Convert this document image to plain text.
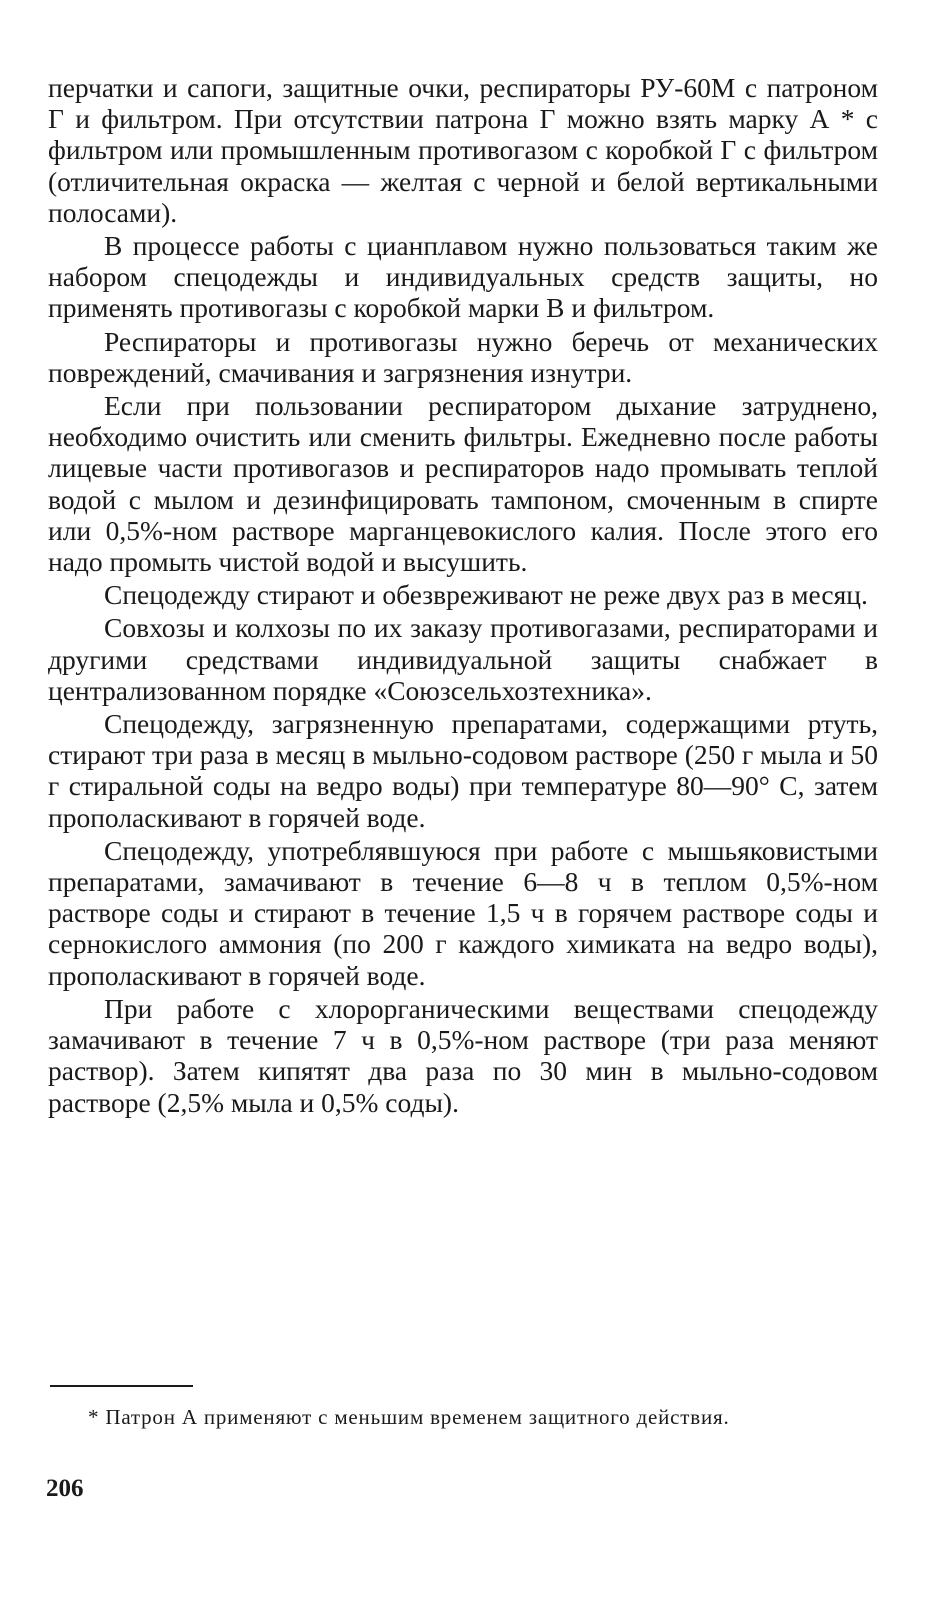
перчатки и сапоги, защитные очки, респираторы РУ-60М с патроном Г и фильтром. При отсутствии патрона Г можно взять марку А * с фильтром или промышленным противогазом с коробкой Г с фильтром (отличительная окраска — желтая с черной и белой вертикальными полосами).

В процессе работы с цианплавом нужно пользоваться таким же набором спецодежды и индивидуальных средств защиты, но применять противогазы с коробкой марки В и фильтром.

Респираторы и противогазы нужно беречь от механических повреждений, смачивания и загрязнения изнутри.

Если при пользовании респиратором дыхание затруднено, необходимо очистить или сменить фильтры. Ежедневно после работы лицевые части противогазов и респираторов надо промывать теплой водой с мылом и дезинфицировать тампоном, смоченным в спирте или 0,5%-ном растворе марганцевокислого калия. После этого его надо промыть чистой водой и высушить.

Спецодежду стирают и обезвреживают не реже двух раз в месяц.

Совхозы и колхозы по их заказу противогазами, респираторами и другими средствами индивидуальной защиты снабжает в централизованном порядке «Союзсельхозтехника».

Спецодежду, загрязненную препаратами, содержащими ртуть, стирают три раза в месяц в мыльно-содовом растворе (250 г мыла и 50 г стиральной соды на ведро воды) при температуре 80—90° С, затем прополаскивают в горячей воде.

Спецодежду, употреблявшуюся при работе с мышьяковистыми препаратами, замачивают в течение 6—8 ч в теплом 0,5%-ном растворе соды и стирают в течение 1,5 ч в горячем растворе соды и сернокислого аммония (по 200 г каждого химиката на ведро воды), прополаскивают в горячей воде.

При работе с хлорорганическими веществами спецодежду замачивают в течение 7 ч в 0,5%-ном растворе (три раза меняют раствор). Затем кипятят два раза по 30 мин в мыльно-содовом растворе (2,5% мыла и 0,5% соды).

* Патрон А применяют с меньшим временем защитного действия.
206
